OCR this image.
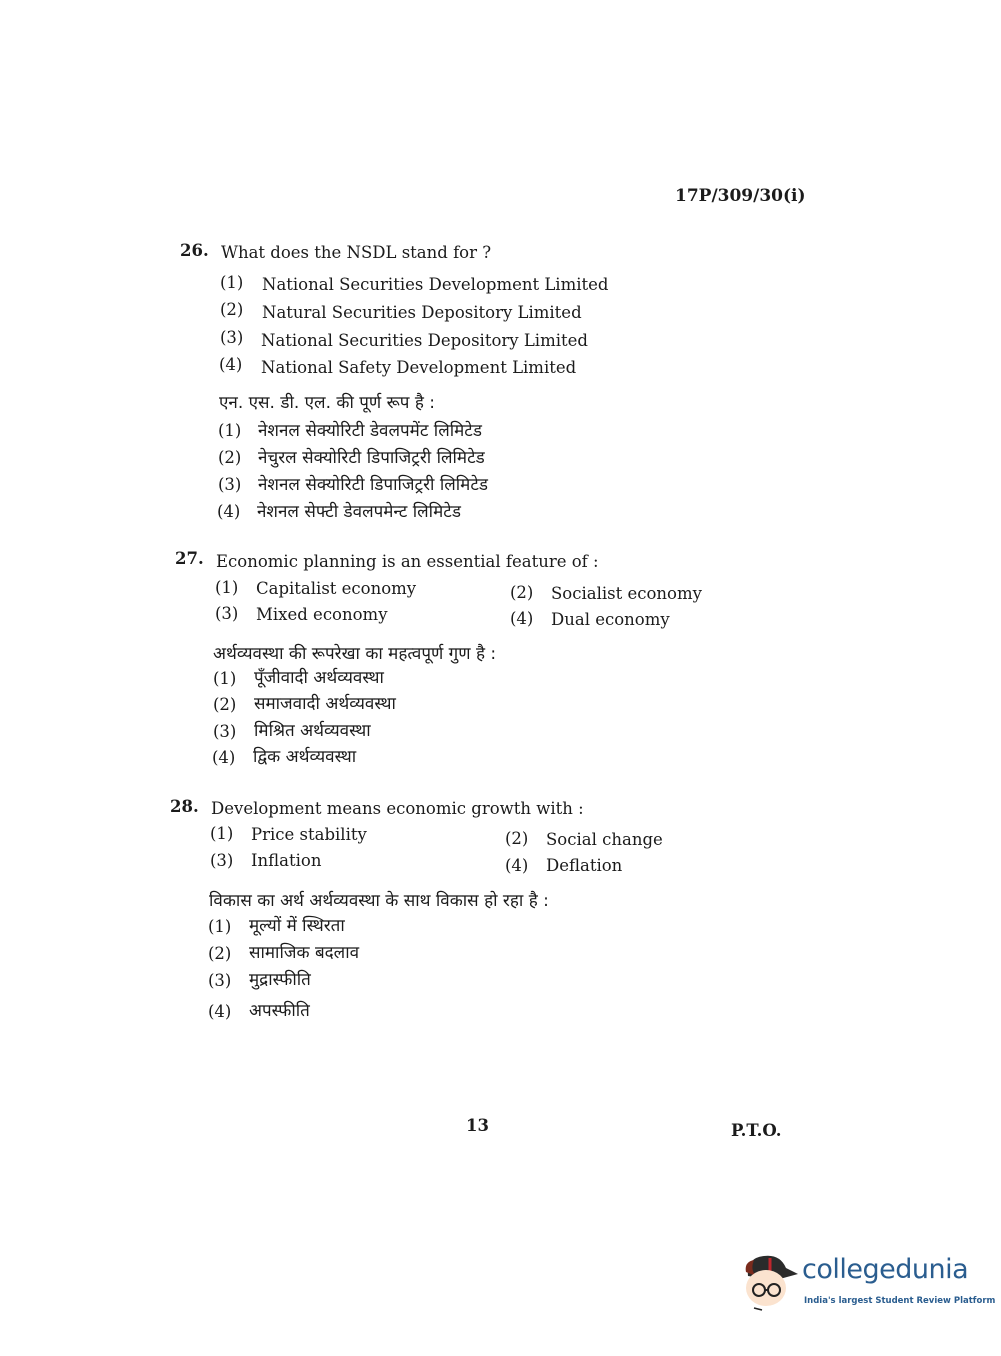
17P/309/30(i)
26. What does the NSDL stand for ?
(1) National Securities Development Limited
(2) Natural Securities Depository Limited
(3) National Securities Depository Limited
(4) National Safety Development Limited
एन. एस. डी. एल. की पूर्ण रूप है :
(1) नेशनल सेक्योरिटी डेवलपमेंट लिमिटेड
(2) नेचुरल सेक्योरिटी डिपाजिट्ररी लिमिटेड
(3) नेशनल सेक्योरिटी डिपाजिट्ररी लिमिटेड
(4) नेशनल सेफ्टी डेवलपमेन्ट लिमिटेड
27. Economic planning is an essential feature of :
(1) Capitalist economy	(2) Socialist economy
(3) Mixed economy	(4) Dual economy
अर्थव्यवस्था की रूपरेखा का महत्वपूर्ण गुण है :
(1) पूँजीवादी अर्थव्यवस्था
(2) समाजवादी अर्थव्यवस्था
(3) मिश्रित अर्थव्यवस्था
(4) द्विक अर्थव्यवस्था
28. Development means economic growth with :
(1) Price stability	(2) Social change
(3) Inflation	(4) Deflation
विकास का अर्थ अर्थव्यवस्था के साथ विकास हो रहा है :
(1) मूल्यों में स्थिरता
(2) सामाजिक बदलाव
(3) मुद्रास्फीति
(4) अपस्फीति
13	P.T.O.
collegedunia
India's largest Student Review Platform
